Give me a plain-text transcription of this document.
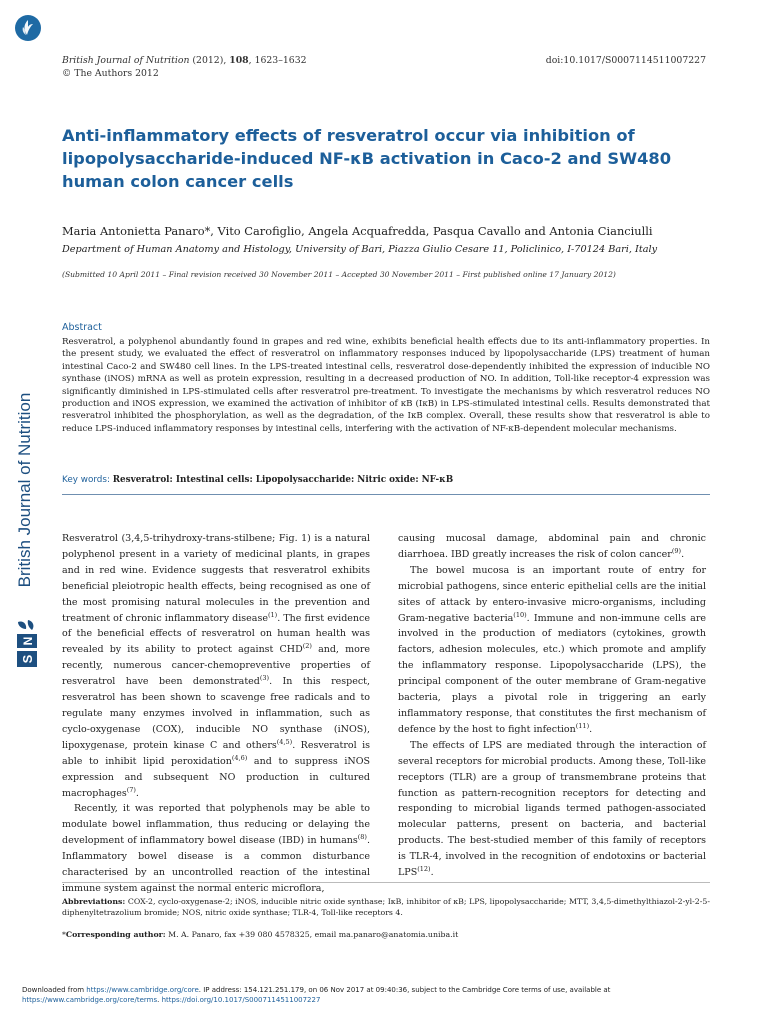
British Journal of Nutrition (2012), 108, 1623–1632
© The Authors 2012
doi:10.1017/S0007114511007227
British Journal of Nutrition
N
S
Anti-inflammatory effects of resveratrol occur via inhibition of lipopolysaccharide-induced NF-κB activation in Caco-2 and SW480 human colon cancer cells
Maria Antonietta Panaro*, Vito Carofiglio, Angela Acquafredda, Pasqua Cavallo and Antonia Cianciulli
Department of Human Anatomy and Histology, University of Bari, Piazza Giulio Cesare 11, Policlinico, I-70124 Bari, Italy
(Submitted 10 April 2011 – Final revision received 30 November 2011 – Accepted 30 November 2011 – First published online 17 January 2012)
Abstract
Resveratrol, a polyphenol abundantly found in grapes and red wine, exhibits beneficial health effects due to its anti-inflammatory properties. In the present study, we evaluated the effect of resveratrol on inflammatory responses induced by lipopolysaccharide (LPS) treatment of human intestinal Caco-2 and SW480 cell lines. In the LPS-treated intestinal cells, resveratrol dose-dependently inhibited the expression of inducible NO synthase (iNOS) mRNA as well as protein expression, resulting in a decreased production of NO. In addition, Toll-like receptor-4 expression was significantly diminished in LPS-stimulated cells after resveratrol pre-treatment. To investigate the mechanisms by which resveratrol reduces NO production and iNOS expression, we examined the activation of inhibitor of κB (IκB) in LPS-stimulated intestinal cells. Results demonstrated that resveratrol inhibited the phosphorylation, as well as the degradation, of the IκB complex. Overall, these results show that resveratrol is able to reduce LPS-induced inflammatory responses by intestinal cells, interfering with the activation of NF-κB-dependent molecular mechanisms.
Key words: Resveratrol: Intestinal cells: Lipopolysaccharide: Nitric oxide: NF-κB

Resveratrol (3,4,5-trihydroxy-trans-stilbene; Fig. 1) is a natural polyphenol present in a variety of medicinal plants, in grapes and in red wine. Evidence suggests that resveratrol exhibits beneficial pleiotropic health effects, being recognised as one of the most promising natural molecules in the prevention and treatment of chronic inflammatory disease$^{(1)}$. The first evidence of the beneficial effects of resveratrol on human health was revealed by its ability to protect against CHD$^{(2)}$ and, more recently, numerous cancer-chemopreventive properties of resveratrol have been demonstrated$^{(3)}$. In this respect, resveratrol has been shown to scavenge free radicals and to regulate many enzymes involved in inflammation, such as cyclo-oxygenase (COX), inducible NO synthase (iNOS), lipoxygenase, protein kinase C and others$^{(4,5)}$. Resveratrol is able to inhibit lipid peroxidation$^{(4,6)}$ and to suppress iNOS expression and subsequent NO production in cultured macrophages$^{(7)}$.

Recently, it was reported that polyphenols may be able to modulate bowel inflammation, thus reducing or delaying the development of inflammatory bowel disease (IBD) in humans$^{(8)}$. Inflammatory bowel disease is a common disturbance characterised by an uncontrolled reaction of the intestinal immune system against the normal enteric microflora,

causing mucosal damage, abdominal pain and chronic diarrhoea. IBD greatly increases the risk of colon cancer$^{(9)}$.

The bowel mucosa is an important route of entry for microbial pathogens, since enteric epithelial cells are the initial sites of attack by entero-invasive micro-organisms, including Gram-negative bacteria$^{(10)}$. Immune and non-immune cells are involved in the production of mediators (cytokines, growth factors, adhesion molecules, etc.) which promote and amplify the inflammatory response. Lipopolysaccharide (LPS), the principal component of the outer membrane of Gram-negative bacteria, plays a pivotal role in triggering an early inflammatory response, that constitutes the first mechanism of defence by the host to fight infection$^{(11)}$.

The effects of LPS are mediated through the interaction of several receptors for microbial products. Among these, Toll-like receptors (TLR) are a group of transmembrane proteins that function as pattern-recognition receptors for detecting and responding to microbial ligands termed pathogen-associated molecular patterns, present on bacteria, and bacterial products. The best-studied member of this family of receptors is TLR-4, involved in the recognition of endotoxins or bacterial LPS$^{(12)}$.

Abbreviations: COX-2, cyclo-oxygenase-2; iNOS, inducible nitric oxide synthase; IκB, inhibitor of κB; LPS, lipopolysaccharide; MTT, 3,4,5-dimethylthiazol-2-yl-2-5-diphenyltetrazolium bromide; NOS, nitric oxide synthase; TLR-4, Toll-like receptors 4.
*Corresponding author: M. A. Panaro, fax +39 080 4578325, email ma.panaro@anatomia.uniba.it
Downloaded from https://www.cambridge.org/core. IP address: 154.121.251.179, on 06 Nov 2017 at 09:40:36, subject to the Cambridge Core terms of use, available at
https://www.cambridge.org/core/terms. https://doi.org/10.1017/S0007114511007227
